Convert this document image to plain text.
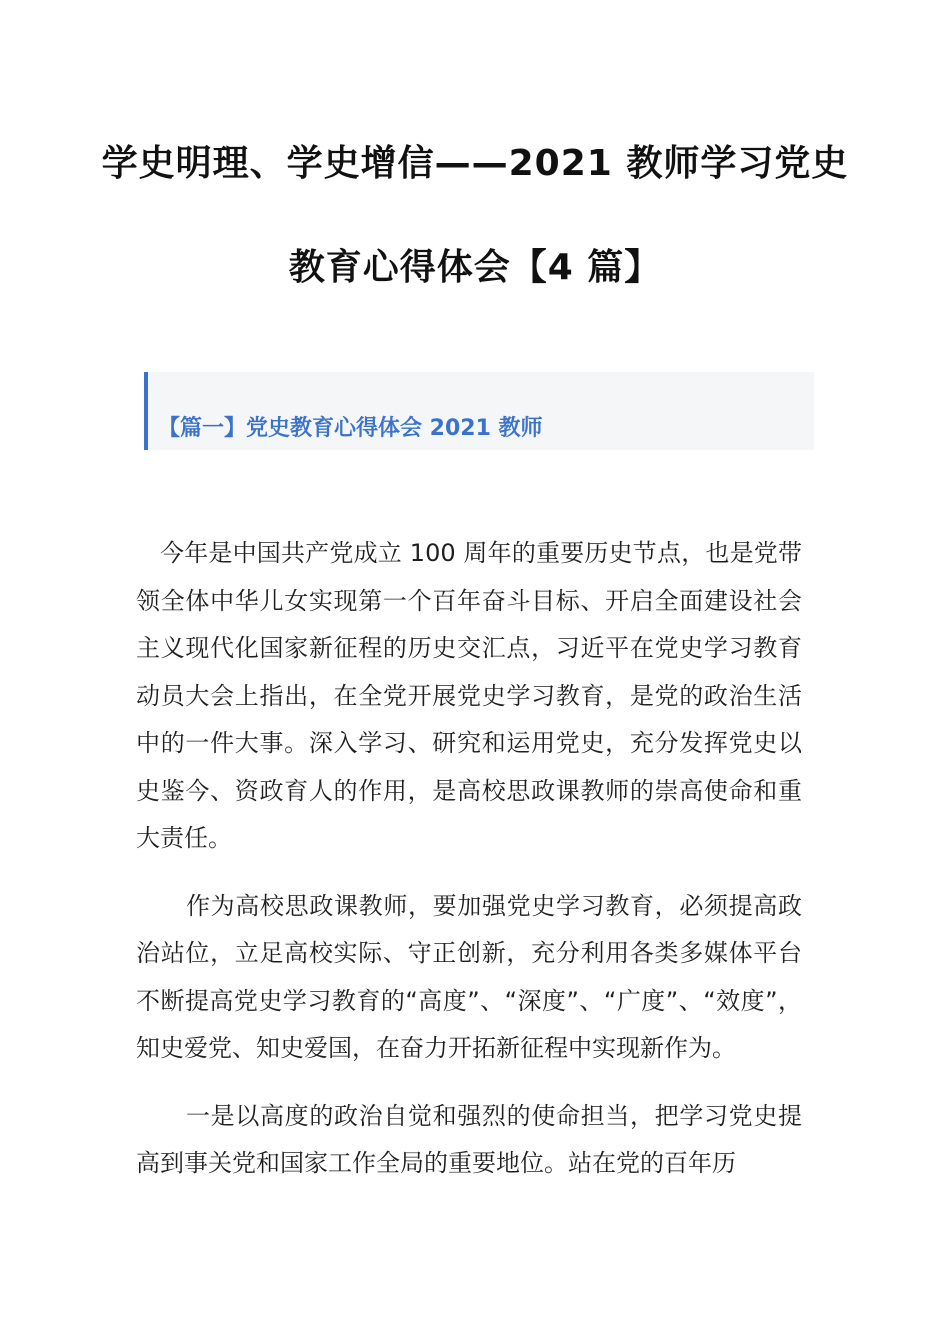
学史明理、学史增信——2021 教师学习党史
教育心得体会【4 篇】
【篇一】党史教育心得体会 2021 教师

今年是中国共产党成立 100 周年的重要历史节点，也是党带领全体中华儿女实现第一个百年奋斗目标、开启全面建设社会主义现代化国家新征程的历史交汇点，习近平在党史学习教育动员大会上指出，在全党开展党史学习教育，是党的政治生活中的一件大事。深入学习、研究和运用党史，充分发挥党史以史鉴今、资政育人的作用，是高校思政课教师的崇高使命和重大责任。

作为高校思政课教师，要加强党史学习教育，必须提高政治站位，立足高校实际、守正创新，充分利用各类多媒体平台不断提高党史学习教育的“高度”、“深度”、“广度”、“效度”，知史爱党、知史爱国，在奋力开拓新征程中实现新作为。

一是以高度的政治自觉和强烈的使命担当，把学习党史提高到事关党和国家工作全局的重要地位。站在党的百年历
